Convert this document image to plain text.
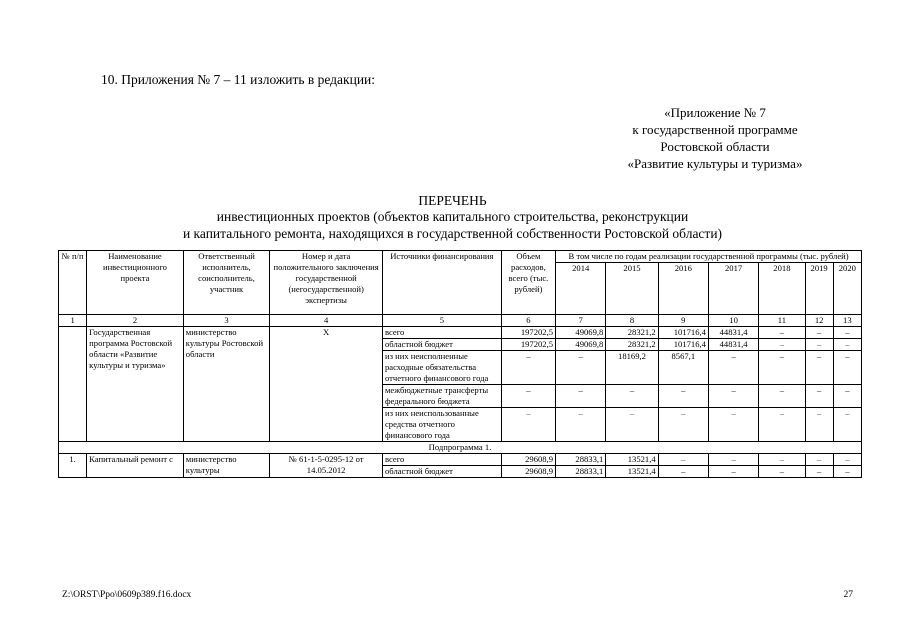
10. Приложения № 7 – 11 изложить в редакции:
«Приложение № 7
к государственной программе
Ростовской области
«Развитие культуры и туризма»
ПЕРЕЧЕНЬ
инвестиционных проектов (объектов капитального строительства, реконструкции
и капитального ремонта, находящихся в государственной собственности Ростовской области)
№ п/п	Наименование инвестиционного проекта	Ответственный исполнитель, соисполнитель, участник	Номер и дата положительного заключения государственной (негосударственной) экспертизы	Источники финансирования	Объем расходов, всего (тыс. рублей)	В том числе по годам реализации государственной программы (тыс. рублей)						
						2014	2015	2016	2017	2018	2019	2020
1	2	3	4	5	6	7	8	9	10	11	12	13
	Государственная программа Ростовской области «Развитие культуры и туризма»	министерство культуры Ростовской области	Х	всего	197202,5	49069,8	28321,2	101716,4	44831,4	–	–	–
				областной бюджет	197202,5	49069,8	28321,2	101716,4	44831,4	–	–	–
				из них неисполненные расходные обязательства отчетного финансового года	–	–	18169,2	8567,1	–	–	–	–
				межбюджетные трансферты федерального бюджета	–	–	–	–	–	–	–	–
				из них неиспользованные средства отчетного финансового года	–	–	–	–	–	–	–	–
Подпрограмма 1.												
1.	Капитальный ремонт с	министерство культуры	№ 61-1-5-0295-12 от 14.05.2012	всего	29608,9	28833,1	13521,4	–	–	–	–	–
				областной бюджет	29608,9	28833,1	13521,4	–	–	–	–	–
Z:\ORST\Ppo\0609p389.f16.docx	27
